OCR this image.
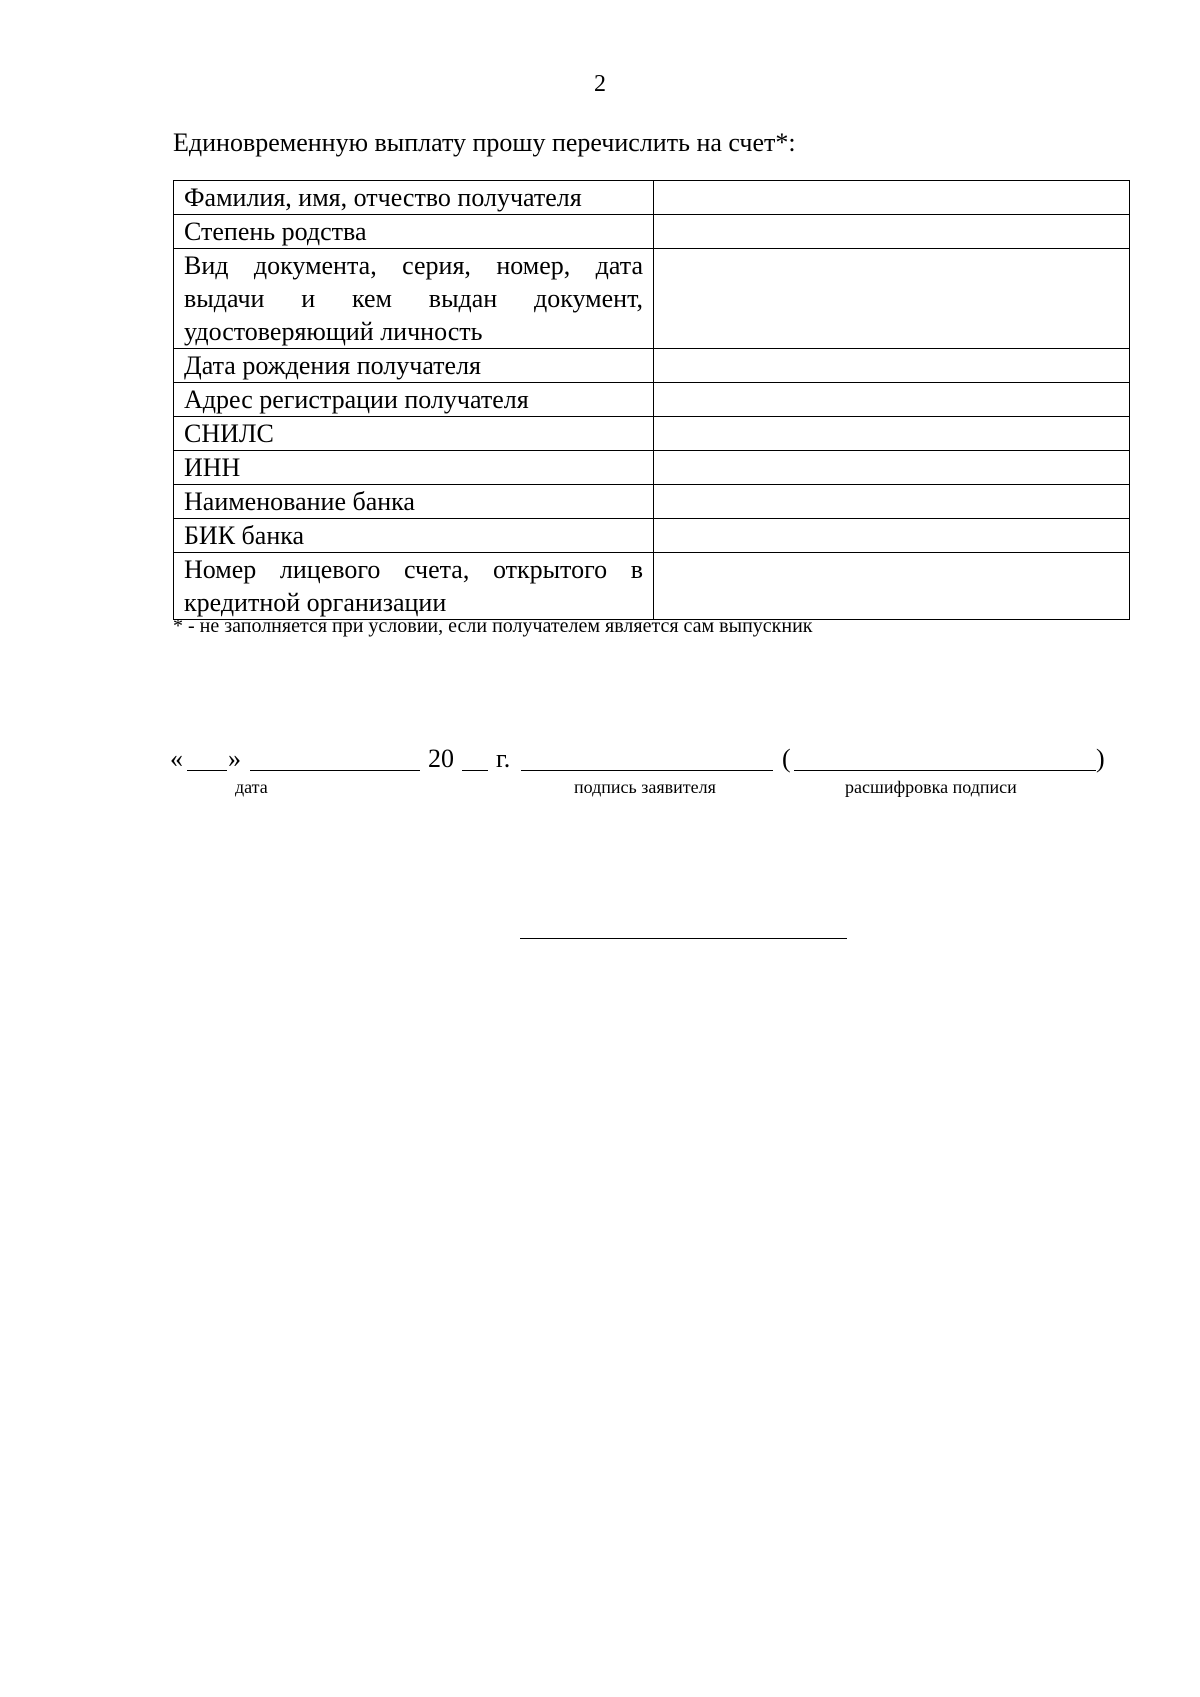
2
Единовременную выплату прошу перечислить на счет*:
Фамилия, имя, отчество получателя	
Степень родства	
Вид документа, серия, номер, дата выдачи и кем выдан документ, удостоверяющий личность	
Дата рождения получателя	
Адрес регистрации получателя	
СНИЛС	
ИНН	
Наименование банка	
БИК банка	
Номер лицевого счета, открытого в кредитной организации	
* - не заполняется при условии, если получателем является сам выпускник
« »	20 г.	(	)
дата	подпись заявителя	расшифровка подписи
